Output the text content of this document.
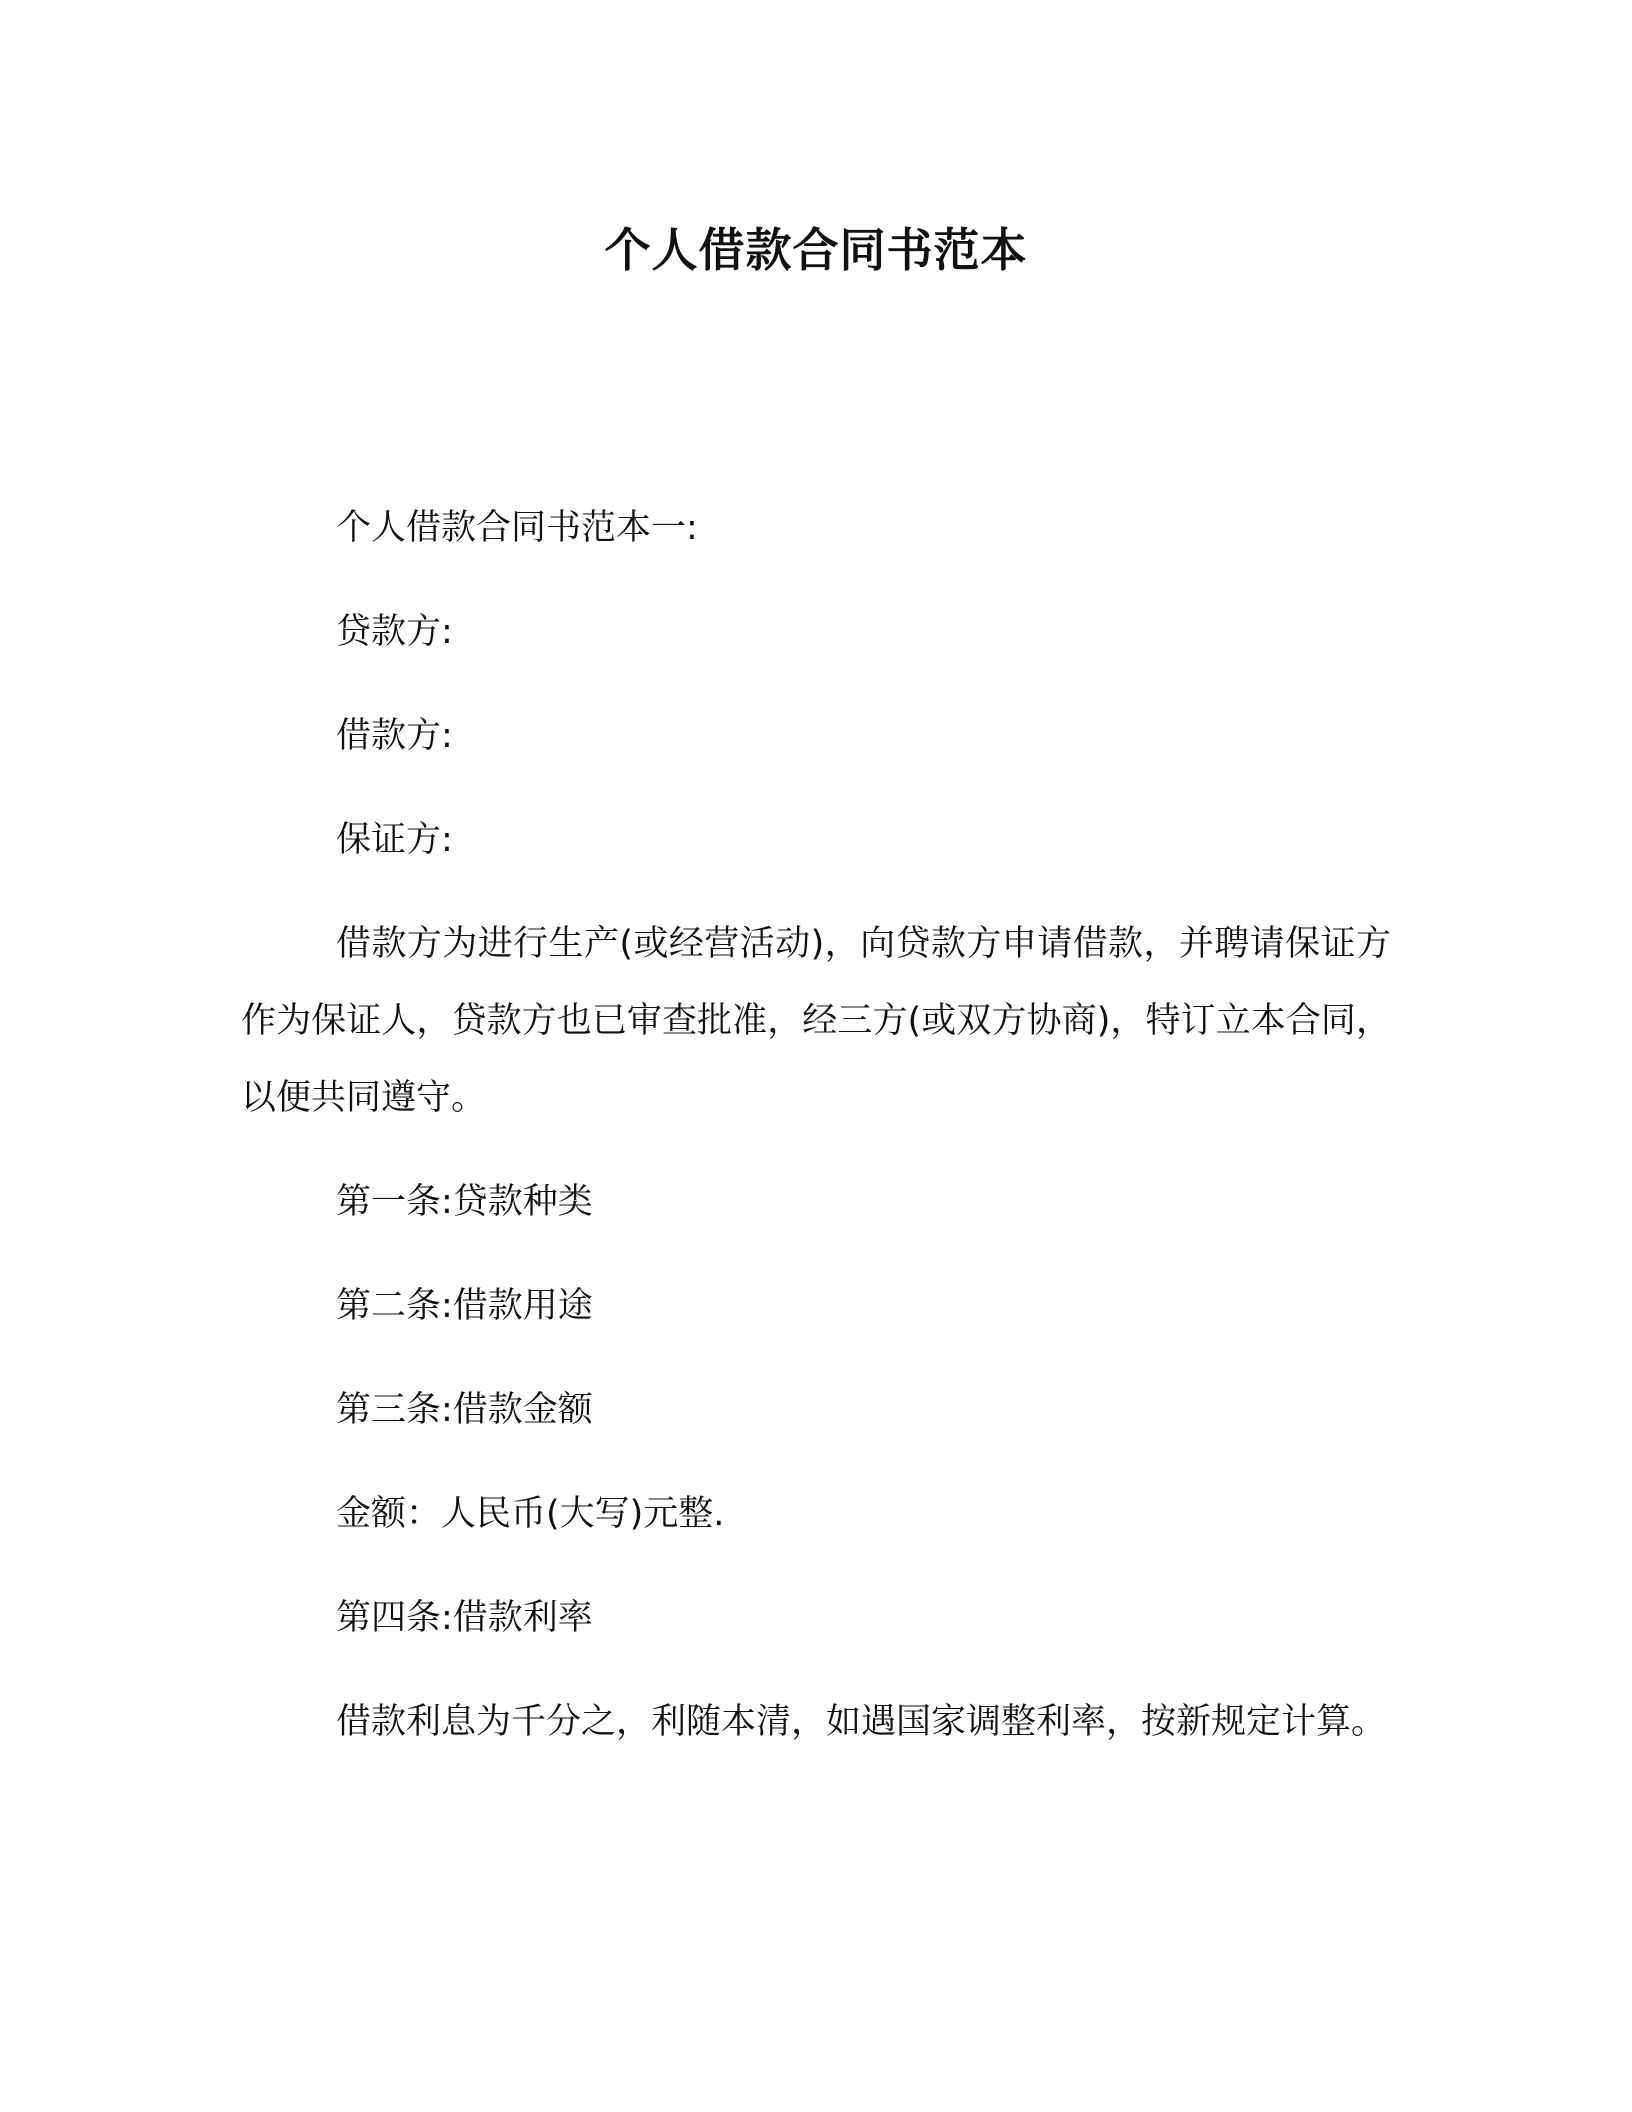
个人借款合同书范本

个人借款合同书范本一:

贷款方:

借款方:

保证方:

借款方为进行生产(或经营活动)，向贷款方申请借款，并聘请保证方作为保证人，贷款方也已审查批准，经三方(或双方协商)，特订立本合同，以便共同遵守。

第一条:贷款种类

第二条:借款用途

第三条:借款金额

金额：人民币(大写)元整.

第四条:借款利率

借款利息为千分之，利随本清，如遇国家调整利率，按新规定计算。
